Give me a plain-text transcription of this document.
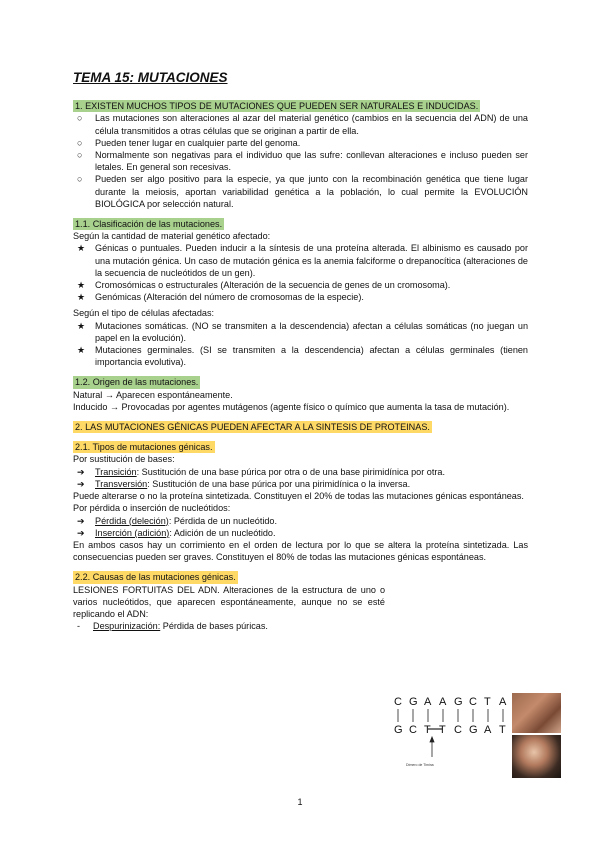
TEMA 15: MUTACIONES
1. EXISTEN MUCHOS TIPOS DE MUTACIONES QUE PUEDEN SER NATURALES E INDUCIDAS.
○ Las mutaciones son alteraciones al azar del material genético (cambios en la secuencia del ADN) de una célula transmitidos a otras células que se originan a partir de ella.
○ Pueden tener lugar en cualquier parte del genoma.
○ Normalmente son negativas para el individuo que las sufre: conllevan alteraciones e incluso pueden ser letales. En general son recesivas.
○ Pueden ser algo positivo para la especie, ya que junto con la recombinación genética que tiene lugar durante la meiosis, aportan variabilidad genética a la población, lo cual permite la EVOLUCIÓN BIOLÓGICA por selección natural.
1.1. Clasificación de las mutaciones.
Según la cantidad de material genético afectado:
★ Génicas o puntuales. Pueden inducir a la síntesis de una proteína alterada. El albinismo es causado por una mutación génica. Un caso de mutación génica es la anemia falciforme o drepanocítica (alteraciones de la secuencia de nucleótidos de un gen).
★ Cromosómicas o estructurales (Alteración de la secuencia de genes de un cromosoma).
★ Genómicas (Alteración del número de cromosomas de la especie).
Según el tipo de células afectadas:
★ Mutaciones somáticas. (NO se transmiten a la descendencia) afectan a células somáticas (no juegan un papel en la evolución).
★ Mutaciones germinales. (SI se transmiten a la descendencia) afectan a células germinales (tienen importancia evolutiva).
1.2. Origen de las mutaciones.
Natural → Aparecen espontáneamente.
Inducido → Provocadas por agentes mutágenos (agente físico o químico que aumenta la tasa de mutación).
2. LAS MUTACIONES GÉNICAS PUEDEN AFECTAR A LA SINTESIS DE PROTEINAS.
2.1. Tipos de mutaciones génicas.
Por sustitución de bases:
➔ Transición: Sustitución de una base púrica por otra o de una base pirimidínica por otra.
➔ Transversión: Sustitución de una base púrica por una pirimidínica o la inversa.
Puede alterarse o no la proteína sintetizada. Constituyen el 20% de todas las mutaciones génicas espontáneas.
Por pérdida o inserción de nucleótidos:
➔ Pérdida (deleción): Pérdida de un nucleótido.
➔ Inserción (adición): Adición de un nucleótido.
En ambos casos hay un corrimiento en el orden de lectura por lo que se altera la proteína sintetizada. Las consecuencias pueden ser graves. Constituyen el 80% de todas las mutaciones génicas espontáneas.
2.2. Causas de las mutaciones génicas.
LESIONES FORTUITAS DEL ADN. Alteraciones de la estructura de uno o varios nucleótidos, que aparecen espontáneamente, aunque no se esté replicando el ADN:
- Despurinización: Pérdida de bases púricas.
C G A A G C T A
G C T T C G A T
Dímero de Timina
1
